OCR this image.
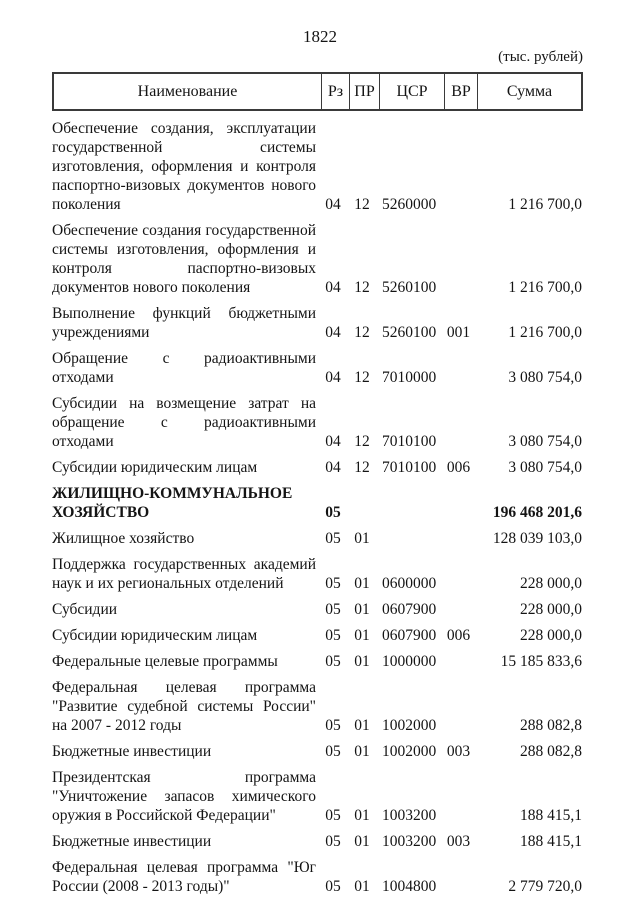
1822
(тыс. рублей)
Наименование	Рз ПР	ЦСР	ВР	Сумма
Обеспечение создания, эксплуатации государственной системы изготовления, оформления и контроля паспортно-визовых документов нового поколения	04 12 5260000	1 216 700,0
Обеспечение создания государственной системы изготовления, оформления и контроля паспортно-визовых документов нового поколения	04 12 5260100	1 216 700,0
Выполнение функций бюджетными учреждениями	04 12 5260100 001	1 216 700,0
Обращение с радиоактивными отходами	04 12 7010000	3 080 754,0
Субсидии на возмещение затрат на обращение с радиоактивными отходами	04 12 7010100	3 080 754,0
Субсидии юридическим лицам	04 12 7010100 006	3 080 754,0
ЖИЛИЩНО-КОММУНАЛЬНОЕ ХОЗЯЙСТВО	05	196 468 201,6
Жилищное хозяйство	05 01	128 039 103,0
Поддержка государственных академий наук и их региональных отделений	05 01 0600000	228 000,0
Субсидии	05 01 0607900	228 000,0
Субсидии юридическим лицам	05 01 0607900 006	228 000,0
Федеральные целевые программы	05 01 1000000	15 185 833,6
Федеральная целевая программа "Развитие судебной системы России" на 2007 - 2012 годы	05 01 1002000	288 082,8
Бюджетные инвестиции	05 01 1002000 003	288 082,8
Президентская программа "Уничтожение запасов химического оружия в Российской Федерации"	05 01 1003200	188 415,1
Бюджетные инвестиции	05 01 1003200 003	188 415,1
Федеральная целевая программа "Юг России (2008 - 2013 годы)"	05 01 1004800	2 779 720,0
